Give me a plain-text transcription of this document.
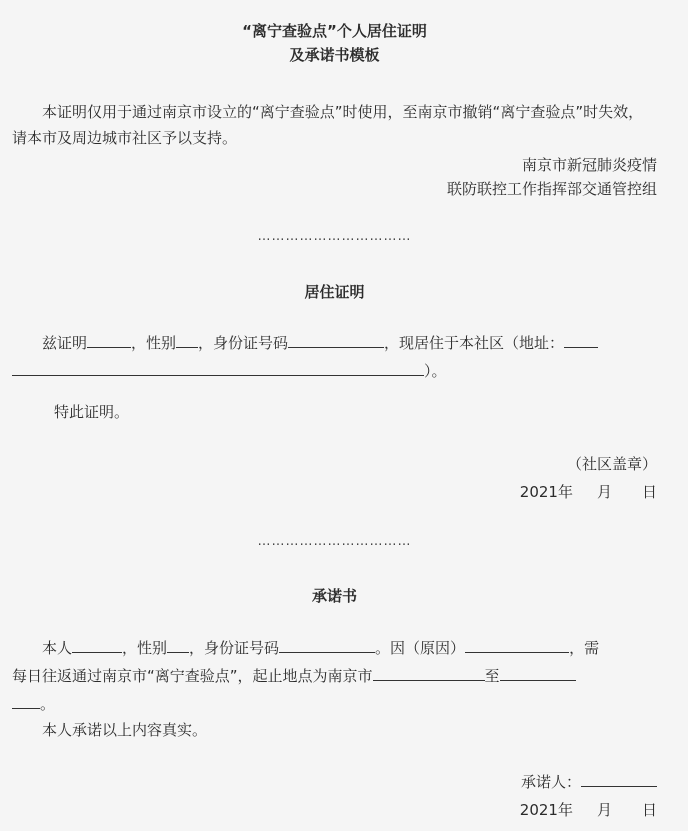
“离宁查验点”个人居住证明
及承诺书模板
本证明仅用于通过南京市设立的“离宁查验点”时使用，至南京市撤销“离宁查验点”时失效，请本市及周边城市社区予以支持。
南京市新冠肺炎疫情
联防联控工作指挥部交通管控组
……………………………
居住证明
兹证明	，性别 ，身份证号码	，现居住于本社区（地址：
）。
特此证明。
（社区盖章）
2021年 月 日
……………………………
承诺书
本人	，性别 ，身份证号码	。因（原因）	，需
每日往返通过南京市“离宁查验点”，起止地点为南京市	至
。
本人承诺以上内容真实。
承诺人：
2021年 月 日
